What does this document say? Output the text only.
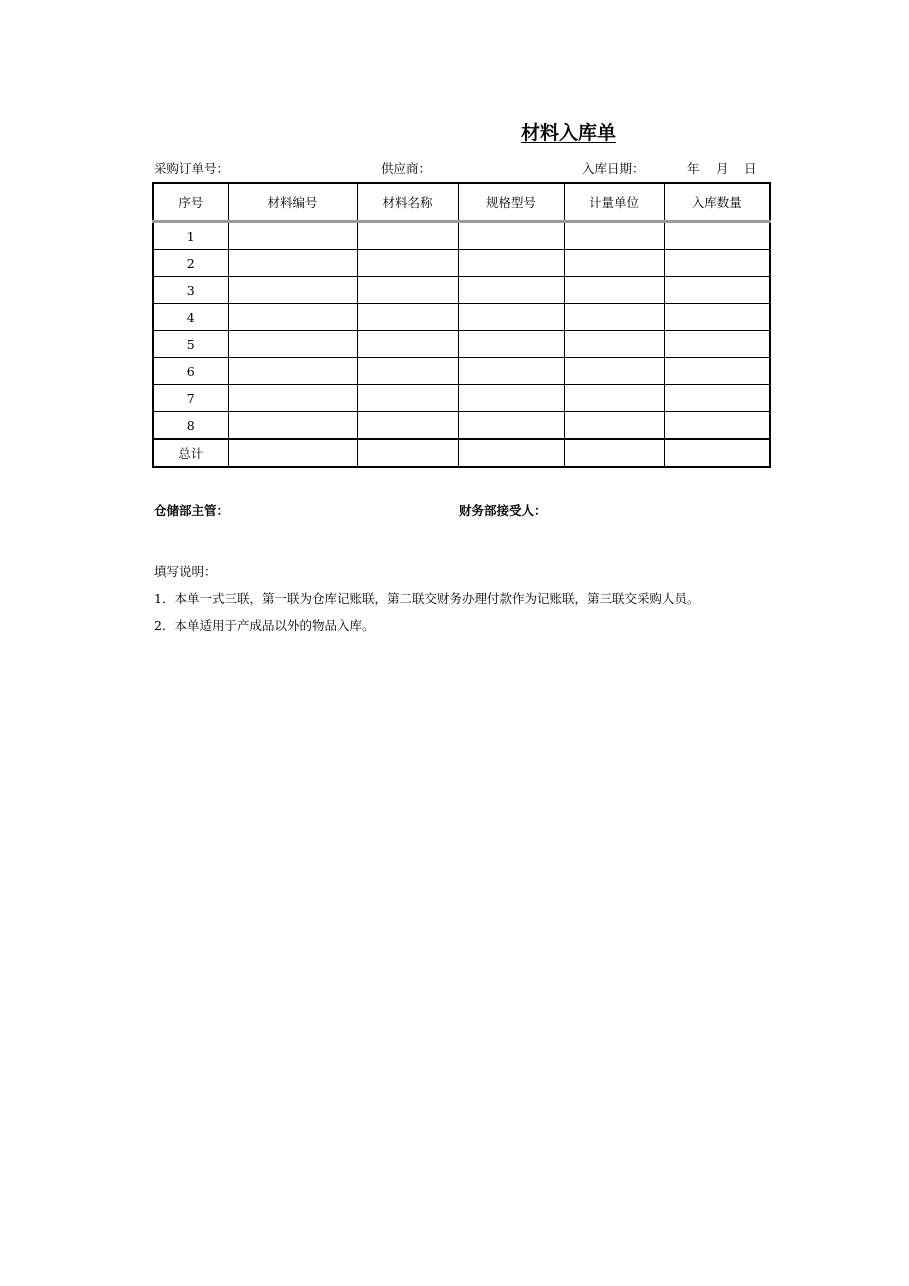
材料入库单
采购订单号：	供应商：	入库日期：	年 月 日
序号	材料编号	材料名称	规格型号	计量单位	入库数量
1					
2					
3					
4					
5					
6					
7					
8					
总计					
仓储部主管：	财务部接受人：
填写说明：
1．本单一式三联，第一联为仓库记账联，第二联交财务办理付款作为记账联，第三联交采购人员。
2．本单适用于产成品以外的物品入库。
